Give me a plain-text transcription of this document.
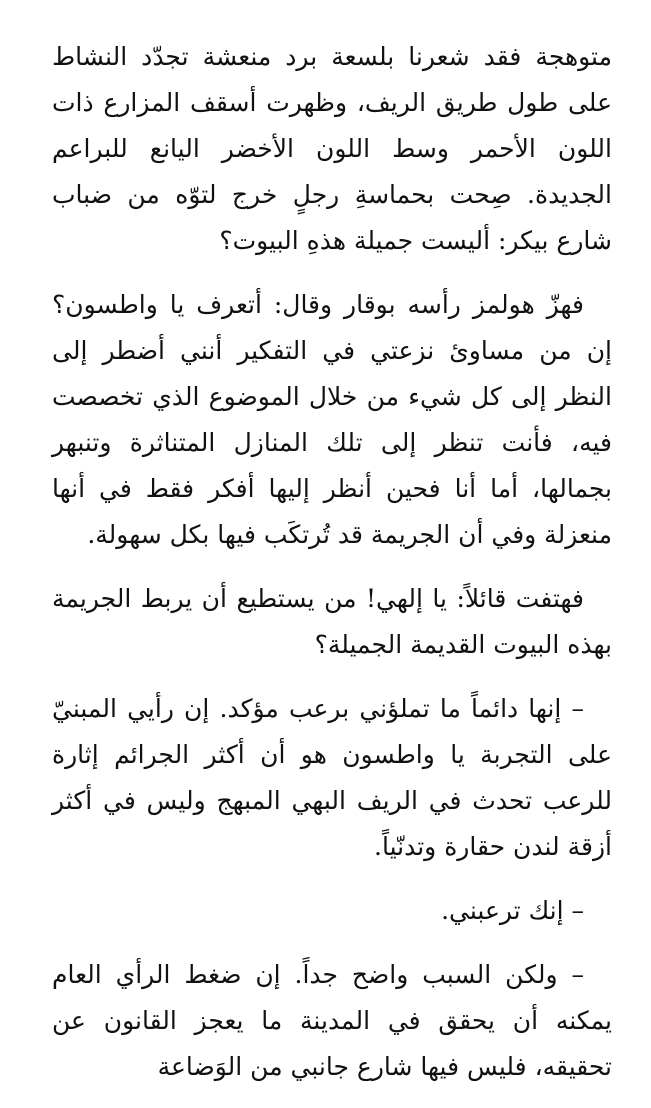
متوهجة فقد شعرنا بلسعة برد منعشة تجدّد النشاط على طول طريق الريف، وظهرت أسقف المزارع ذات اللون الأحمر وسط اللون الأخضر اليانع للبراعم الجديدة. صِحت بحماسةِ رجلٍ خرج لتوّه من ضباب شارع بيكر: أليست جميلة هذهِ البيوت؟

فهزّ هولمز رأسه بوقار وقال: أتعرف يا واطسون؟ إن من مساوئ نزعتي في التفكير أنني أضطر إلى النظر إلى كل شيء من خلال الموضوع الذي تخصصت فيه، فأنت تنظر إلى تلك المنازل المتناثرة وتنبهر بجمالها، أما أنا فحين أنظر إليها أفكر فقط في أنها منعزلة وفي أن الجريمة قد تُرتكَب فيها بكل سهولة.

فهتفت قائلاً: يا إلهي! من يستطيع أن يربط الجريمة بهذه البيوت القديمة الجميلة؟

– إنها دائماً ما تملؤني برعب مؤكد. إن رأيي المبنيّ على التجربة يا واطسون هو أن أكثر الجرائم إثارة للرعب تحدث في الريف البهي المبهج وليس في أكثر أزقة لندن حقارة وتدنّياً.

– إنك ترعبني.

– ولكن السبب واضح جداً. إن ضغط الرأي العام يمكنه أن يحقق في المدينة ما يعجز القانون عن تحقيقه، فليس فيها شارع جانبي من الوَضاعة
